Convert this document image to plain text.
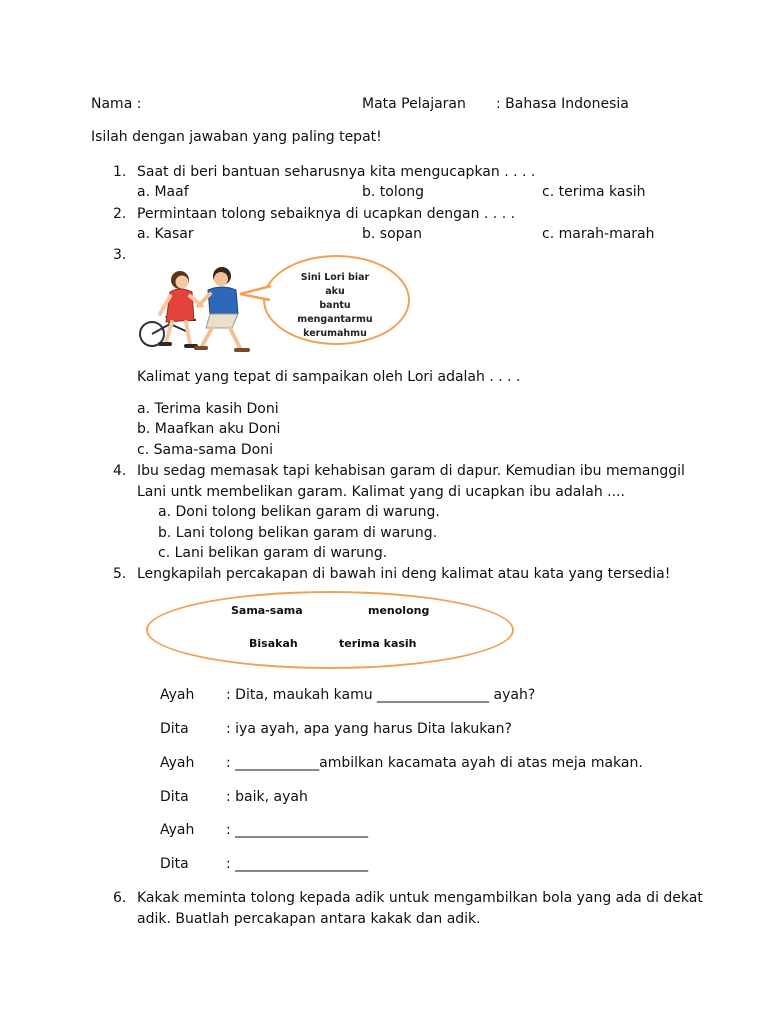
Nama :	Mata Pelajaran : Bahasa Indonesia
Isilah dengan jawaban yang paling tepat!
1. Saat di beri bantuan seharusnya kita mengucapkan . . . .
a. Maaf	b. tolong	c. terima kasih
2. Permintaan tolong sebaiknya di ucapkan dengan . . . .
a. Kasar	b. sopan	c. marah-marah
3.
Sini Lori biar aku
bantu
mengantarmu
kerumahmu
Kalimat yang tepat di sampaikan oleh Lori adalah . . . .
a. Terima kasih Doni
b. Maafkan aku Doni
c. Sama-sama Doni
4. Ibu sedag memasak tapi kehabisan garam di dapur. Kemudian ibu memanggil
Lani untk membelikan garam. Kalimat yang di ucapkan ibu adalah ....
a. Doni tolong belikan garam di warung.
b. Lani tolong belikan garam di warung.
c. Lani belikan garam di warung.
5. Lengkapilah percakapan di bawah ini deng kalimat atau kata yang tersedia!
Sama-sama	menolong
Bisakah	terima kasih
Ayah : Dita, maukah kamu ________________ ayah?
Dita	: iya ayah, apa yang harus Dita lakukan?
Ayah : ____________ambilkan kacamata ayah di atas meja makan.
Dita	: baik, ayah
Ayah : ___________________
Dita	: ___________________
6. Kakak meminta tolong kepada adik untuk mengambilkan bola yang ada di dekat
adik. Buatlah percakapan antara kakak dan adik.
